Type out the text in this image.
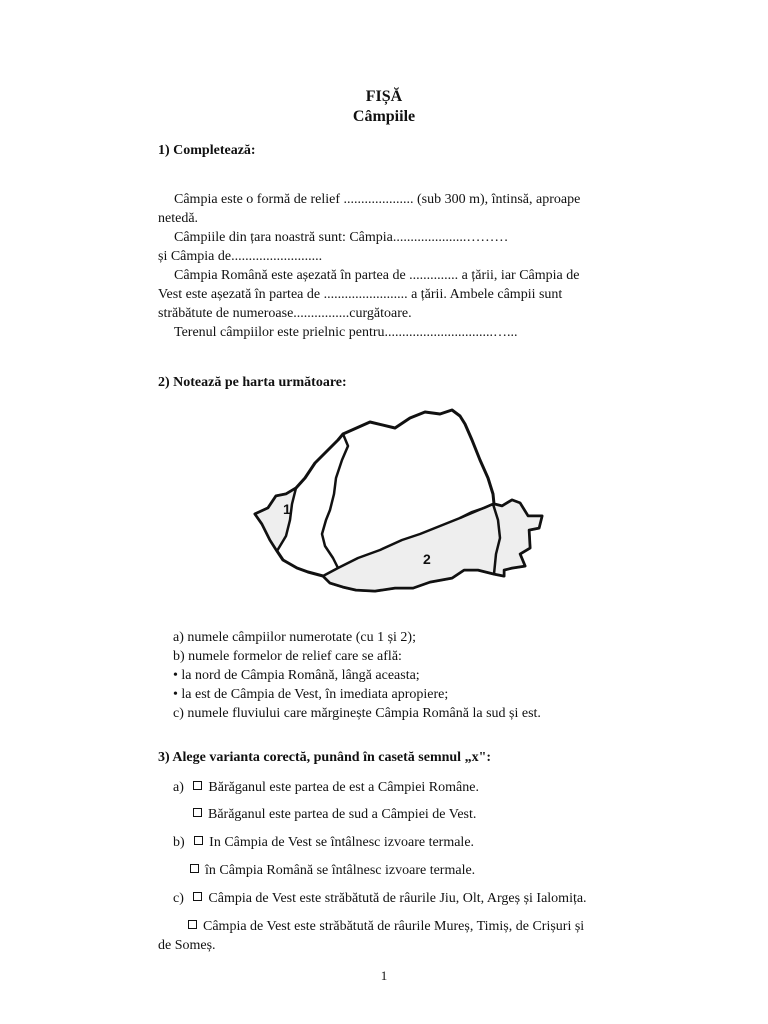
FIȘĂ
Câmpiile
1) Completează:
Câmpia este o formă de relief .................... (sub 300 m), întinsă, aproape
netedă.
Câmpiile din țara noastră sunt: Câmpia.....................………
și Câmpia de..........................
Câmpia Română este așezată în partea de .............. a țării, iar Câmpia de
Vest este așezată în partea de ........................ a țării. Ambele câmpii sunt
străbătute de numeroase................curgătoare.
Terenul câmpiilor este prielnic pentru...............................…...
2) Notează pe harta următoare:
1
2
a) numele câmpiilor numerotate (cu 1 și 2);
b) numele formelor de relief care se află:
• la nord de Câmpia Română, lângă aceasta;
• la est de Câmpia de Vest, în imediata apropiere;
c) numele fluviului care mărginește Câmpia Română la sud și est.
3) Alege varianta corectă, punând în casetă semnul „x":
a) Bărăganul este partea de est a Câmpiei Române.
Bărăganul este partea de sud a Câmpiei de Vest.
b) In Câmpia de Vest se întâlnesc izvoare termale.
în Câmpia Română se întâlnesc izvoare termale.
c) Câmpia de Vest este străbătută de râurile Jiu, Olt, Argeș și Ialomița.
Câmpia de Vest este străbătută de râurile Mureș, Timiș, de Crișuri și
de Someș.
1
